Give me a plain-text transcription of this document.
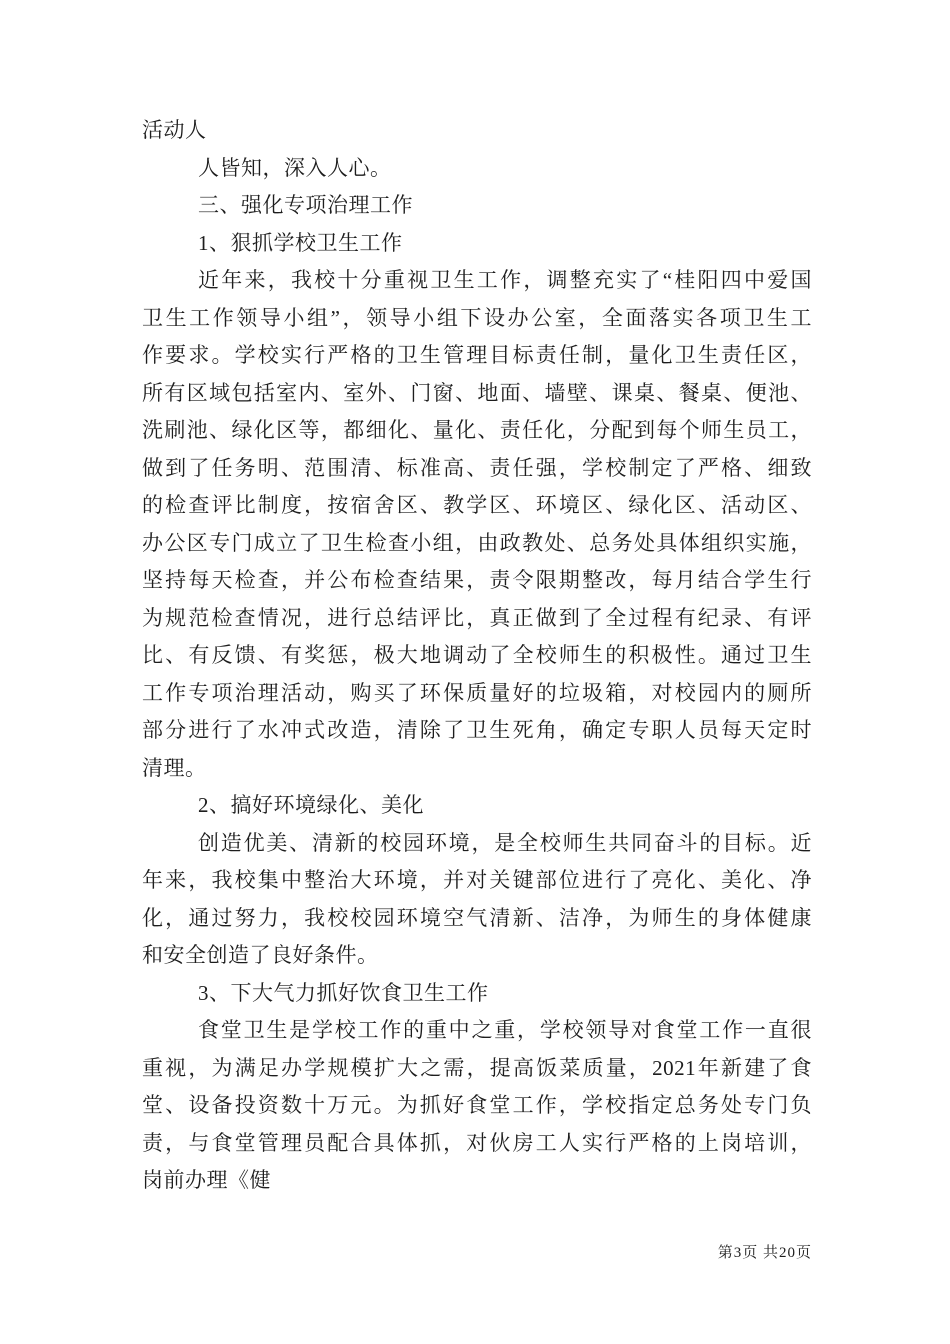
活动人
人皆知，深入人心。
三、强化专项治理工作
1、狠抓学校卫生工作
近年来，我校十分重视卫生工作，调整充实了“桂阳四中爱国
卫生工作领导小组”，领导小组下设办公室，全面落实各项卫生工
作要求。学校实行严格的卫生管理目标责任制，量化卫生责任区，
所有区域包括室内、室外、门窗、地面、墙壁、课桌、餐桌、便池、
洗刷池、绿化区等，都细化、量化、责任化，分配到每个师生员工，
做到了任务明、范围清、标准高、责任强，学校制定了严格、细致
的检查评比制度，按宿舍区、教学区、环境区、绿化区、活动区、
办公区专门成立了卫生检查小组，由政教处、总务处具体组织实施，
坚持每天检查，并公布检查结果，责令限期整改，每月结合学生行
为规范检查情况，进行总结评比，真正做到了全过程有纪录、有评
比、有反馈、有奖惩，极大地调动了全校师生的积极性。通过卫生
工作专项治理活动，购买了环保质量好的垃圾箱，对校园内的厕所
部分进行了水冲式改造，清除了卫生死角，确定专职人员每天定时
清理。
2、搞好环境绿化、美化
创造优美、清新的校园环境，是全校师生共同奋斗的目标。近
年来，我校集中整治大环境，并对关键部位进行了亮化、美化、净
化，通过努力，我校校园环境空气清新、洁净，为师生的身体健康
和安全创造了良好条件。
3、下大气力抓好饮食卫生工作
食堂卫生是学校工作的重中之重，学校领导对食堂工作一直很
重视，为满足办学规模扩大之需，提高饭菜质量，2021年新建了食
堂、设备投资数十万元。为抓好食堂工作，学校指定总务处专门负
责，与食堂管理员配合具体抓，对伙房工人实行严格的上岗培训，
岗前办理《健
第3页 共20页
